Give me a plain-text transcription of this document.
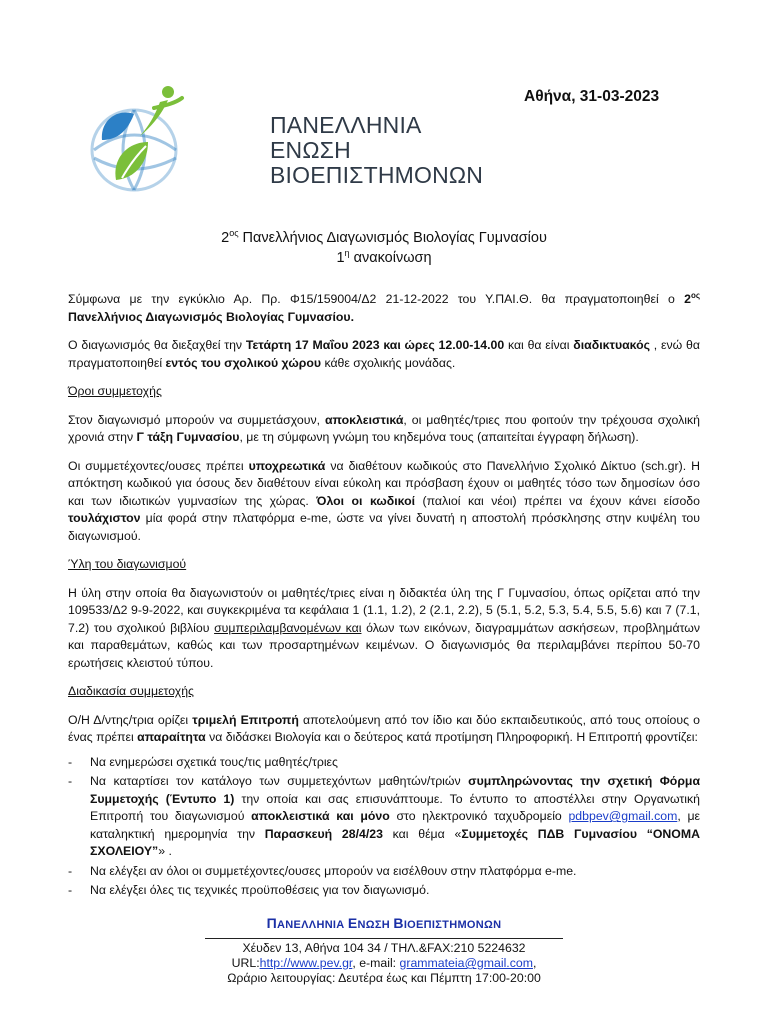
ΠΑΝΕΛΛΗΝΙΑ
ΕΝΩΣΗ
ΒΙΟΕΠΙΣΤΗΜΟΝΩΝ
Αθήνα, 31-03-2023
$2^{o\varsigma}$ Πανελλήνιος Διαγωνισμός Βιολογίας Γυμνασίου
$1^\eta$ ανακοίνωση

Σύμφωνα με την εγκύκλιο Αρ. Πρ. Φ15/159004/Δ2 21-12-2022 του Υ.ΠΑΙ.Θ. θα πραγματοποιηθεί ο $2^{o\varsigma}$ Πανελλήνιος Διαγωνισμός Βιολογίας Γυμνασίου.

Ο διαγωνισμός θα διεξαχθεί την Τετάρτη 17 Μαΐου 2023 και ώρες 12.00-14.00 και θα είναι διαδικτυακός , ενώ θα πραγματοποιηθεί εντός του σχολικού χώρου κάθε σχολικής μονάδας.

Όροι συμμετοχής

Στον διαγωνισμό μπορούν να συμμετάσχουν, αποκλειστικά, οι μαθητές/τριες που φοιτούν την τρέχουσα σχολική χρονιά στην Γ τάξη Γυμνασίου, με τη σύμφωνη γνώμη του κηδεμόνα τους (απαιτείται έγγραφη δήλωση).

Οι συμμετέχοντες/ουσες πρέπει υποχρεωτικά να διαθέτουν κωδικούς στο Πανελλήνιο Σχολικό Δίκτυο (sch.gr). Η απόκτηση κωδικού για όσους δεν διαθέτουν είναι εύκολη και πρόσβαση έχουν οι μαθητές τόσο των δημοσίων όσο και των ιδιωτικών γυμνασίων της χώρας. Όλοι οι κωδικοί (παλιοί και νέοι) πρέπει να έχουν κάνει είσοδο τουλάχιστον μία φορά στην πλατφόρμα e-me, ώστε να γίνει δυνατή η αποστολή πρόσκλησης στην κυψέλη του διαγωνισμού.

Ύλη του διαγωνισμού

Η ύλη στην οποία θα διαγωνιστούν οι μαθητές/τριες είναι η διδακτέα ύλη της Γ Γυμνασίου, όπως ορίζεται από την 109533/Δ2 9-9-2022, και συγκεκριμένα τα κεφάλαια 1 (1.1, 1.2), 2 (2.1, 2.2), 5 (5.1, 5.2, 5.3, 5.4, 5.5, 5.6) και 7 (7.1, 7.2) του σχολικού βιβλίου συμπεριλαμβανομένων και όλων των εικόνων, διαγραμμάτων ασκήσεων, προβλημάτων και παραθεμάτων, καθώς και των προσαρτημένων κειμένων. Ο διαγωνισμός θα περιλαμβάνει περίπου 50-70 ερωτήσεις κλειστού τύπου.

Διαδικασία συμμετοχής

Ο/Η Δ/ντης/τρια ορίζει τριμελή Επιτροπή αποτελούμενη από τον ίδιο και δύο εκπαιδευτικούς, από τους οποίους ο ένας πρέπει απαραίτητα να διδάσκει Βιολογία και ο δεύτερος κατά προτίμηση Πληροφορική. Η Επιτροπή φροντίζει:

- Να ενημερώσει σχετικά τους/τις μαθητές/τριες
- Να καταρτίσει τον κατάλογο των συμμετεχόντων μαθητών/τριών συμπληρώνοντας την σχετική Φόρμα Συμμετοχής (Έντυπο 1) την οποία και σας επισυνάπτουμε. Το έντυπο το αποστέλλει στην Οργανωτική Επιτροπή του διαγωνισμού αποκλειστικά και μόνο στο ηλεκτρονικό ταχυδρομείο pdbpev@gmail.com, με καταληκτική ημερομηνία την Παρασκευή 28/4/23 και θέμα «Συμμετοχές ΠΔΒ Γυμνασίου “ΟΝΟΜΑ ΣΧΟΛΕΙΟΥ”» .
- Να ελέγξει αν όλοι οι συμμετέχοντες/ουσες μπορούν να εισέλθουν στην πλατφόρμα e-me.
- Να ελέγξει όλες τις τεχνικές προϋποθέσεις για τον διαγωνισμό.
ΠΑΝΕΛΛΗΝΙΑ ΕΝΩΣΗ ΒΙΟΕΠΙΣΤΗΜΟΝΩΝ
Χέυδεν 13, Αθήνα 104 34 / ΤΗΛ.&FAX:210 5224632
URL:http://www.pev.gr, e-mail: grammateia@gmail.com,
Ωράριο λειτουργίας: Δευτέρα έως και Πέμπτη 17:00-20:00
